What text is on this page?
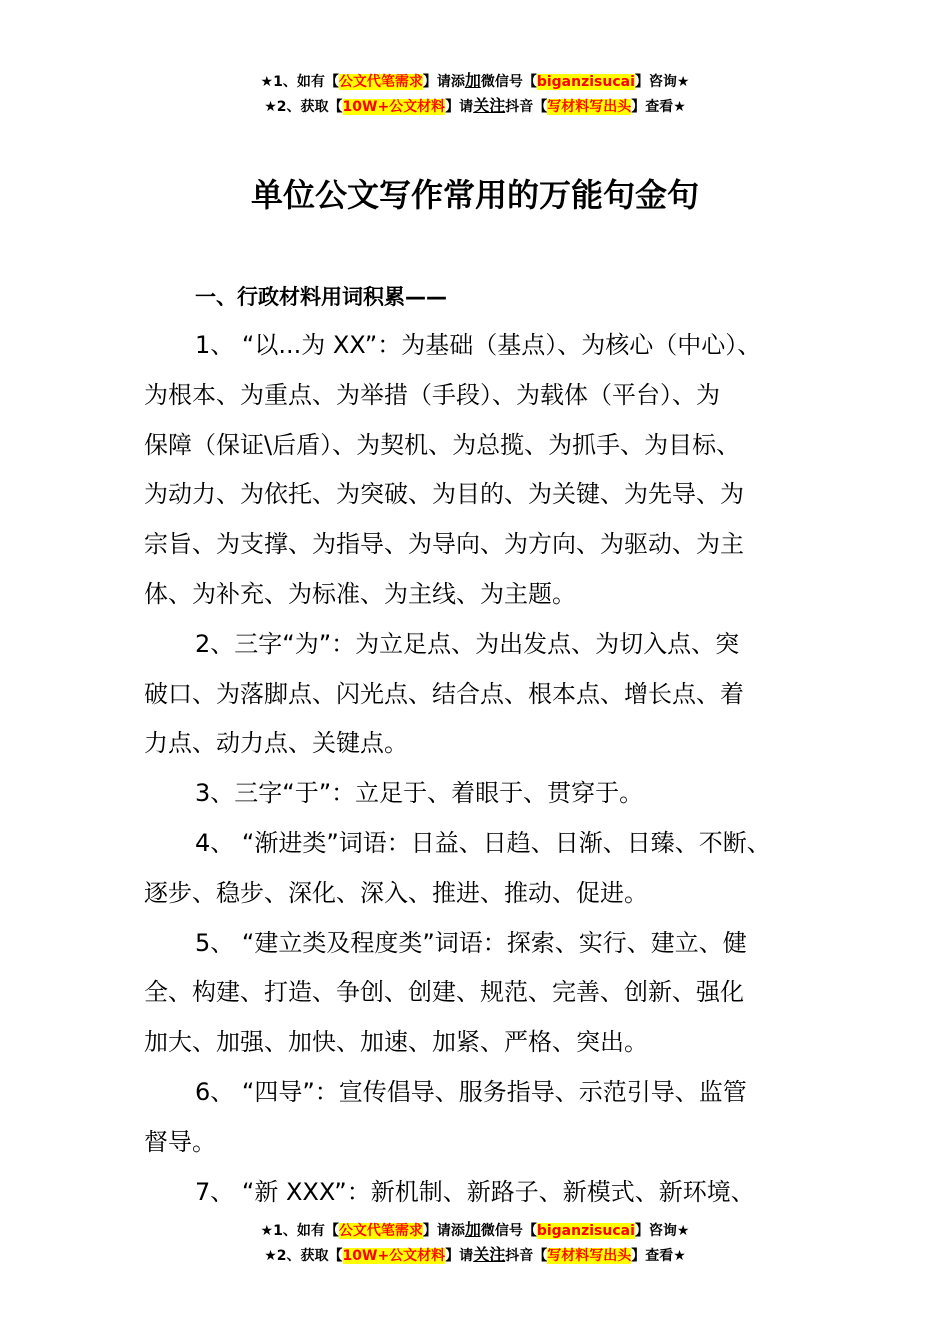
★1、如有【公文代笔需求】请添加微信号【biganzisucai】咨询★
★2、获取【10W+公文材料】请关注抖音【写材料写出头】查看★
单位公文写作常用的万能句金句
一、行政材料用词积累——
1、 “以...为 XX”：为基础（基点）、为核心（中心）、
为根本、为重点、为举措（手段）、为载体（平台）、为
保障（保证\后盾）、为契机、为总揽、为抓手、为目标、
为动力、为依托、为突破、为目的、为关键、为先导、为
宗旨、为支撑、为指导、为导向、为方向、为驱动、为主
体、为补充、为标准、为主线、为主题。
2、三字“为”：为立足点、为出发点、为切入点、突
破口、为落脚点、闪光点、结合点、根本点、增长点、着
力点、动力点、关键点。
3、三字“于”：立足于、着眼于、贯穿于。
4、 “渐进类”词语：日益、日趋、日渐、日臻、不断、
逐步、稳步、深化、深入、推进、推动、促进。
5、 “建立类及程度类”词语：探索、实行、建立、健
全、构建、打造、争创、创建、规范、完善、创新、强化
加大、加强、加快、加速、加紧、严格、突出。
6、 “四导”：宣传倡导、服务指导、示范引导、监管
督导。
7、 “新 XXX”：新机制、新路子、新模式、新环境、
★1、如有【公文代笔需求】请添加微信号【biganzisucai】咨询★
★2、获取【10W+公文材料】请关注抖音【写材料写出头】查看★
